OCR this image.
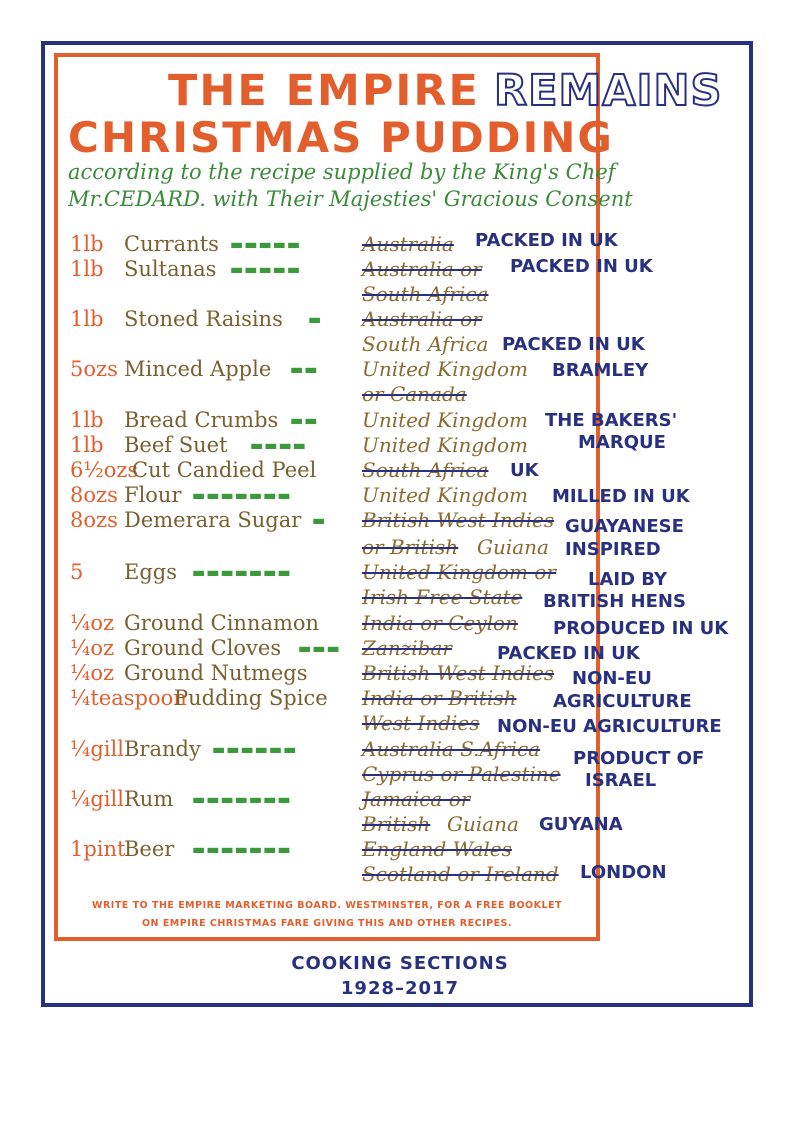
THE EMPIRE REMAINS
CHRISTMAS PUDDING
according to the recipe supplied by the King's Chef
Mr.CEDARD. with Their Majesties' Gracious Consent
1lb Currants ▬▬▬▬▬
1lb Sultanas ▬▬▬▬▬
1lb Stoned Raisins ▬
5ozs Minced Apple ▬▬
1lb Bread Crumbs ▬▬
1lb Beef Suet ▬▬▬▬
6½ozs
Cut Candied Peel
8ozs Flour ▬▬▬▬▬▬▬
8ozs Demerara Sugar ▬
5 Eggs ▬▬▬▬▬▬▬
¼oz Ground Cinnamon
¼oz Ground Cloves ▬▬▬
¼oz Ground Nutmegs
¼teaspoon
Pudding Spice
¼gill Brandy ▬▬▬▬▬▬
¼gill Rum ▬▬▬▬▬▬▬
1pint
Beer ▬▬▬▬▬▬▬
Australia
Australia or
South Africa
Australia or
South Africa
United Kingdom
or Canada
United Kingdom
United Kingdom
South Africa
United Kingdom
British West Indies
or British Guiana
United Kingdom or
Irish Free State
India or Ceylon
Zanzibar
British West Indies
India or British
West Indies
Australia S.Africa
Cyprus or Palestine
Jamaica or
British Guiana
England Wales
Scotland or Ireland
PACKED IN UK
PACKED IN UK
PACKED IN UK
BRAMLEY
THE BAKERS'
MARQUE
UK
MILLED IN UK
GUAYANESE
INSPIRED
LAID BY
BRITISH HENS
PRODUCED IN UK
PACKED IN UK
NON-EU
AGRICULTURE
NON-EU AGRICULTURE
PRODUCT OF
ISRAEL
GUYANA
LONDON
WRITE TO THE EMPIRE MARKETING BOARD. WESTMINSTER, FOR A FREE BOOKLET
ON EMPIRE CHRISTMAS FARE GIVING THIS AND OTHER RECIPES.
COOKING SECTIONS
1928–2017
